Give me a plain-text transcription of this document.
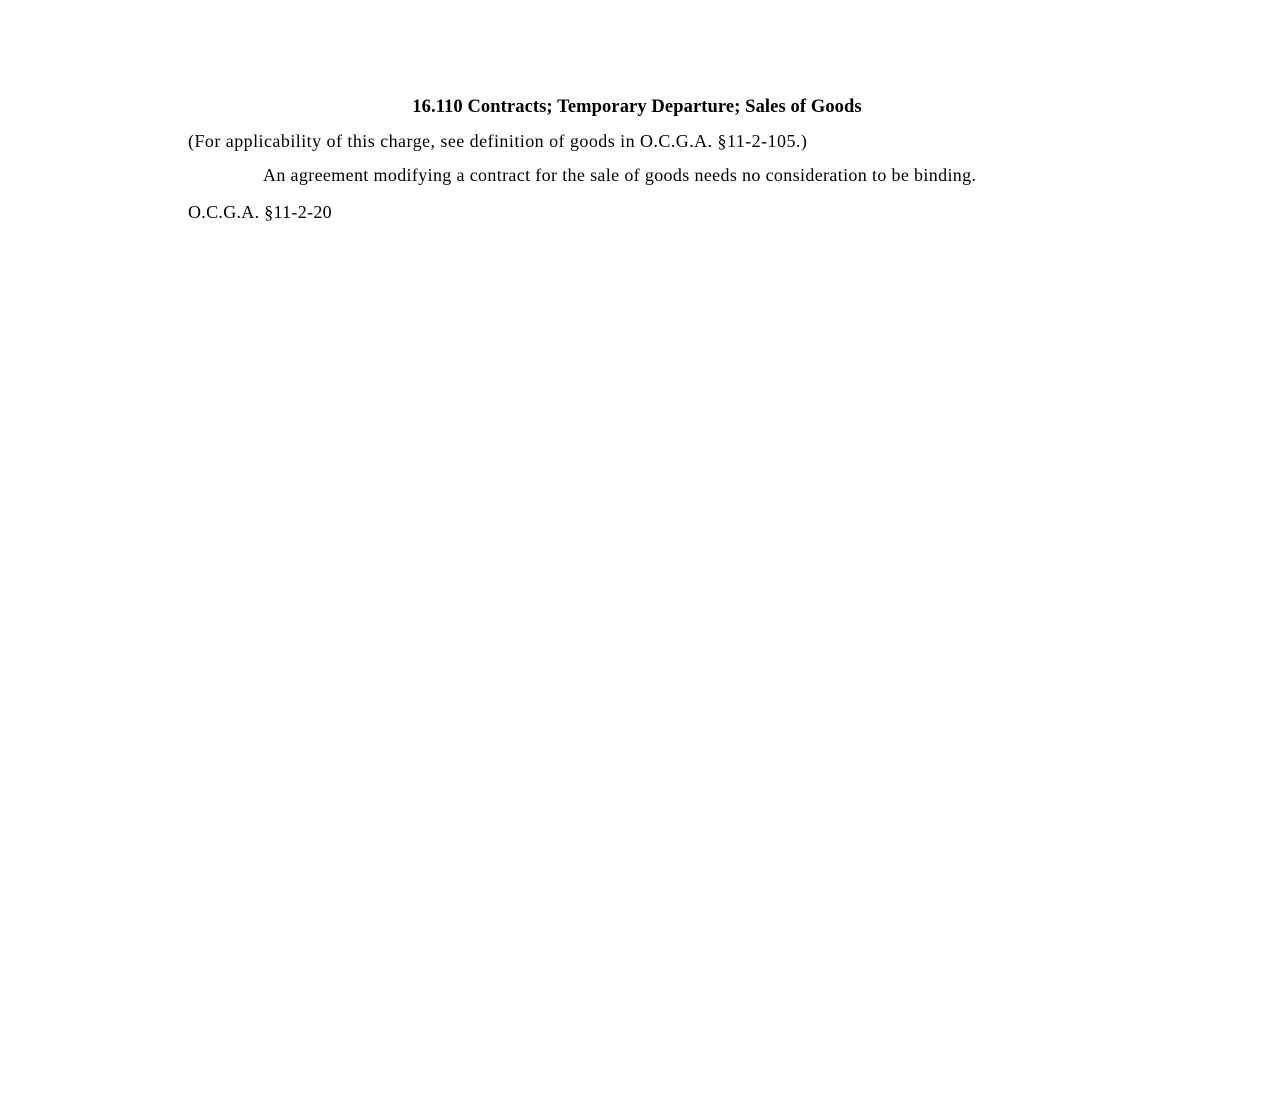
16.110 Contracts; Temporary Departure; Sales of Goods
(For applicability of this charge, see definition of goods in O.C.G.A. §11-2-105.)
An agreement modifying a contract for the sale of goods needs no consideration to be binding.
O.C.G.A. §11-2-20
